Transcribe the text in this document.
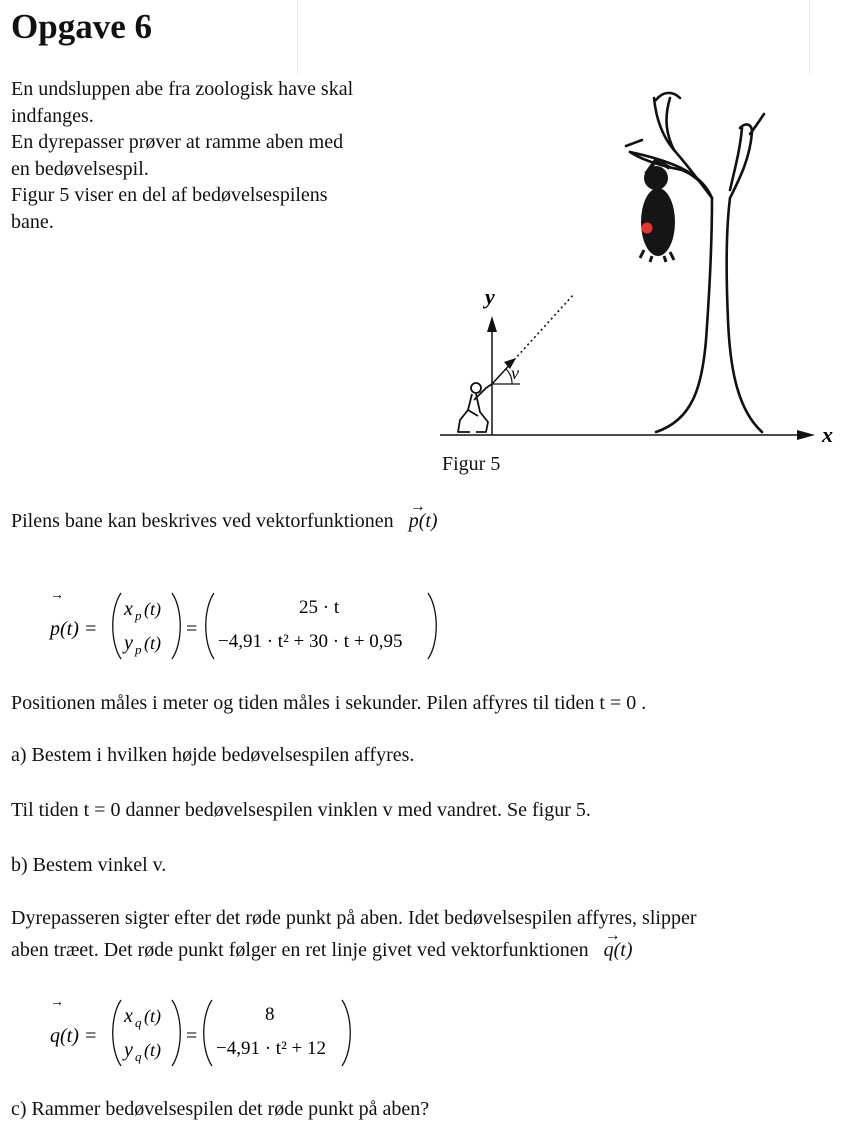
Opgave 6
En undsluppen abe fra zoologisk have skal
indfanges.
En dyrepasser prøver at ramme aben med
en bedøvelsespil.
Figur 5 viser en del af bedøvelsespilens
bane.
x
y
v
Figur 5
Pilens bane kan beskrives ved vektorfunktionen
→
p(t)
→
p(t) =
x p (t)
y p (t)
=
25 · t
−4,91 · t² + 30 · t + 0,95
Positionen måles i meter og tiden måles i sekunder. Pilen affyres til tiden t = 0 .
a) Bestem i hvilken højde bedøvelsespilen affyres.
Til tiden t = 0 danner bedøvelsespilen vinklen v med vandret. Se figur 5.
b) Bestem vinkel v.
Dyrepasseren sigter efter det røde punkt på aben. Idet bedøvelsespilen affyres, slipper
aben træet. Det røde punkt følger en ret linje givet ved vektorfunktionen
→
q(t)
→
q(t) =
x q (t)
y q (t)
=
8
−4,91 · t² + 12
c) Rammer bedøvelsespilen det røde punkt på aben?
